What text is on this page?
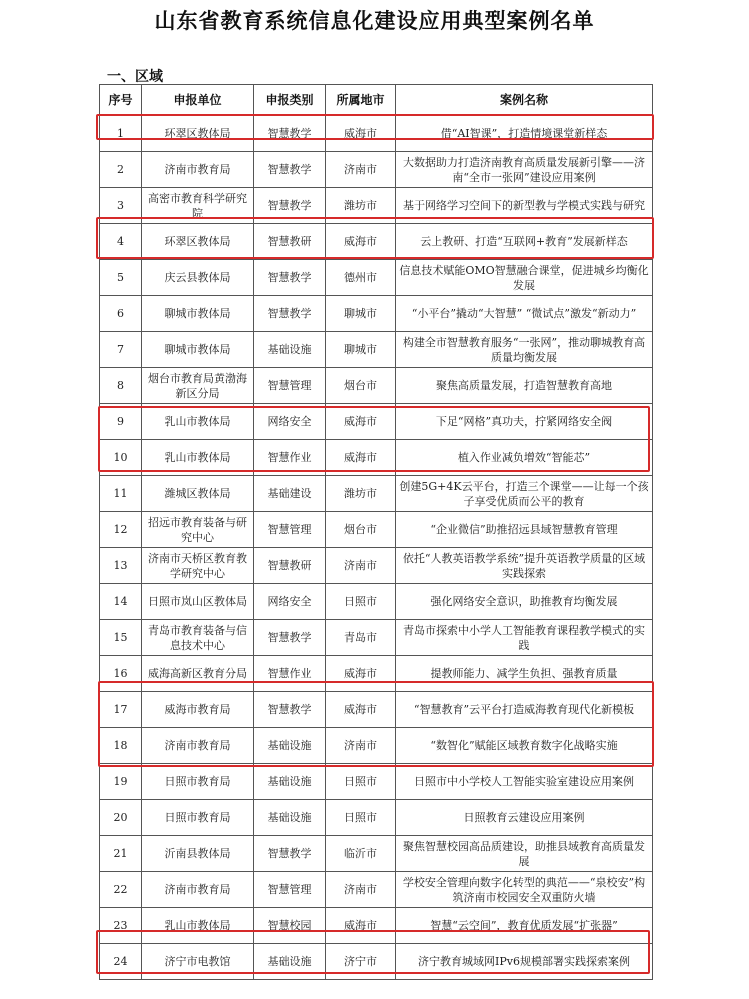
山东省教育系统信息化建设应用典型案例名单
一、区域
序号	申报单位	申报类别	所属地市	案例名称
1	环翠区教体局	智慧教学	威海市	借“AI智课”，打造情境课堂新样态
2	济南市教育局	智慧教学	济南市	大数据助力打造济南教育高质量发展新引擎——济南“全市一张网”建设应用案例
3	高密市教育科学研究院	智慧教学	潍坊市	基于网络学习空间下的新型教与学模式实践与研究
4	环翠区教体局	智慧教研	威海市	云上教研、打造“互联网+教育”发展新样态
5	庆云县教体局	智慧教学	德州市	信息技术赋能OMO智慧融合课堂，促进城乡均衡化发展
6	聊城市教体局	智慧教学	聊城市	“小平台”撬动“大智慧” “微试点”激发“新动力”
7	聊城市教体局	基础设施	聊城市	构建全市智慧教育服务“一张网”，推动聊城教育高质量均衡发展
8	烟台市教育局黄渤海新区分局	智慧管理	烟台市	聚焦高质量发展，打造智慧教育高地
9	乳山市教体局	网络安全	威海市	下足“网格”真功夫，拧紧网络安全阀
10	乳山市教体局	智慧作业	威海市	植入作业减负增效“智能芯”
11	潍城区教体局	基础建设	潍坊市	创建5G+4K云平台，打造三个课堂——让每一个孩子享受优质而公平的教育
12	招远市教育装备与研究中心	智慧管理	烟台市	“企业微信”助推招远县域智慧教育管理
13	济南市天桥区教育教学研究中心	智慧教研	济南市	依托“人教英语教学系统”提升英语教学质量的区域实践探索
14	日照市岚山区教体局	网络安全	日照市	强化网络安全意识，助推教育均衡发展
15	青岛市教育装备与信息技术中心	智慧教学	青岛市	青岛市探索中小学人工智能教育课程教学模式的实践
16	威海高新区教育分局	智慧作业	威海市	提教师能力、减学生负担、强教育质量
17	威海市教育局	智慧教学	威海市	“智慧教育”云平台打造威海教育现代化新模板
18	济南市教育局	基础设施	济南市	“数智化”赋能区域教育数字化战略实施
19	日照市教育局	基础设施	日照市	日照市中小学校人工智能实验室建设应用案例
20	日照市教育局	基础设施	日照市	日照教育云建设应用案例
21	沂南县教体局	智慧教学	临沂市	聚焦智慧校园高品质建设，助推县域教育高质量发展
22	济南市教育局	智慧管理	济南市	学校安全管理向数字化转型的典范——“泉校安”构筑济南市校园安全双重防火墙
23	乳山市教体局	智慧校园	威海市	智慧“云空间”，教育优质发展“扩张器”
24	济宁市电教馆	基础设施	济宁市	济宁教育城域网IPv6规模部署实践探索案例
